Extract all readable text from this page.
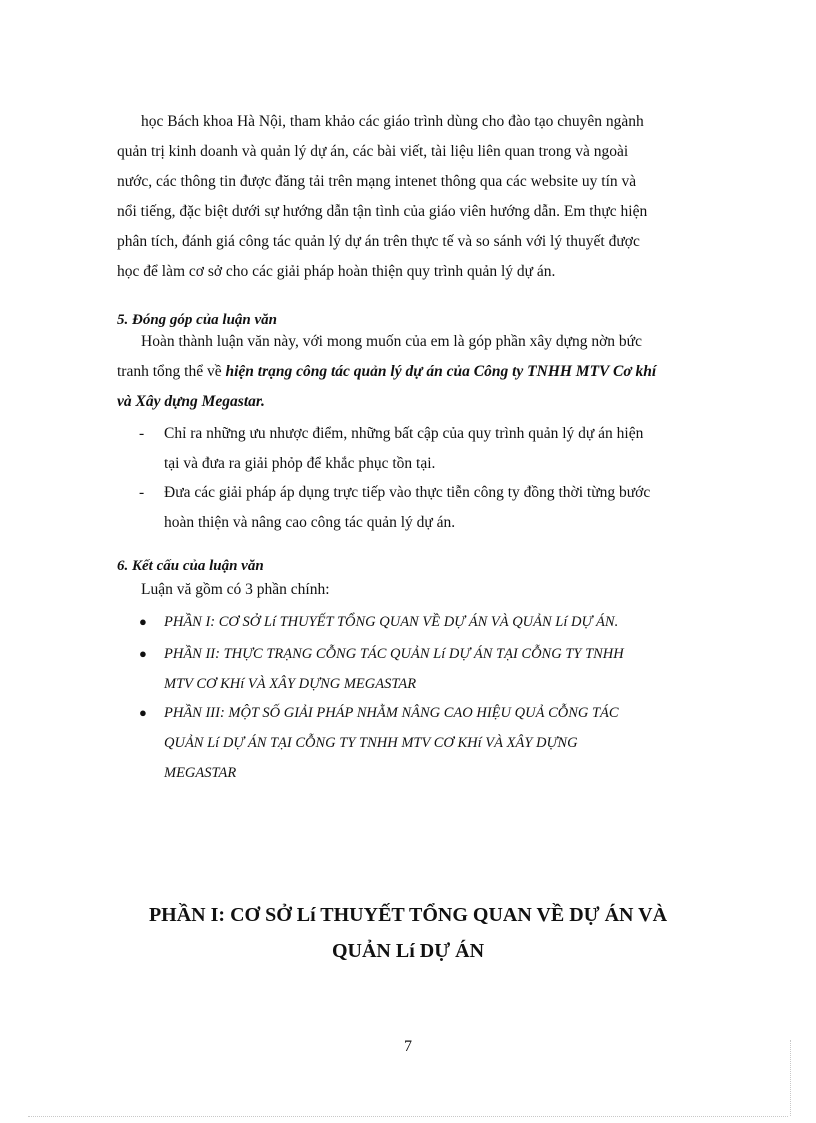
học Bách khoa Hà Nội, tham khảo các giáo trình dùng cho đào tạo chuyên ngành
quản trị kinh doanh và quản lý dự án, các bài viết, tài liệu liên quan trong và ngoài
nước, các thông tin được đăng tải trên mạng intenet thông qua các website uy tín và
nổi tiếng, đặc biệt dưới sự hướng dẫn tận tình của giáo viên hướng dẫn. Em thực hiện
phân tích, đánh giá công tác quản lý dự án trên thực tế và so sánh với lý thuyết được
học để làm cơ sở cho các giải pháp hoàn thiện quy trình quản lý dự án.
5. Đóng góp của luận văn
Hoàn thành luận văn này, với mong muốn của em là góp phần xây dựng nờn bức
tranh tổng thể về hiện trạng công tác quản lý dự án của Công ty TNHH MTV Cơ khí
và Xây dựng Megastar.
- Chỉ ra những ưu nhược điểm, những bất cập của quy trình quản lý dự án hiện
tại và đưa ra giải phỏp để khắc phục tồn tại.
- Đưa các giải pháp áp dụng trực tiếp vào thực tiễn công ty đồng thời từng bước
hoàn thiện và nâng cao công tác quản lý dự án.
6. Kết cấu của luận văn
Luận vă gồm có 3 phần chính:
● PHẦN I: CƠ SỞ Lí THUYẾT TỔNG QUAN VỀ DỰ ÁN VÀ QUẢN Lí DỰ ÁN.
● PHẦN II: THỰC TRẠNG CỖNG TÁC QUẢN Lí DỰ ÁN TẠI CỖNG TY TNHH
MTV CƠ KHí VÀ XÂY DỰNG MEGASTAR
● PHẦN III: MỘT SỐ GIẢI PHÁP NHẰM NÂNG CAO HIỆU QUẢ CỖNG TÁC
QUẢN Lí DỰ ÁN TẠI CỖNG TY TNHH MTV CƠ KHí VÀ XÂY DỰNG
MEGASTAR
PHẦN I: CƠ SỞ Lí THUYẾT TỔNG QUAN VỀ DỰ ÁN VÀ
QUẢN Lí DỰ ÁN
7
